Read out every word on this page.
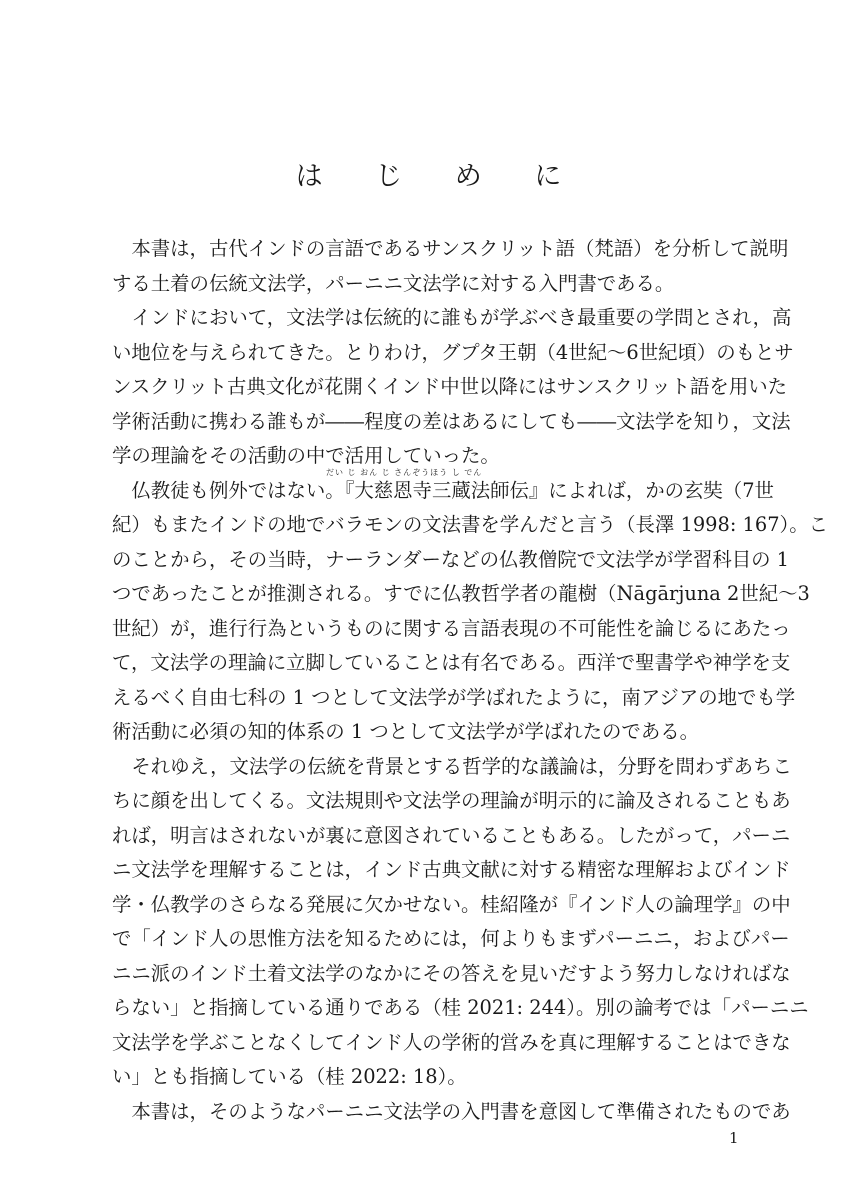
は じ め に
　本書は，古代インドの言語であるサンスクリット語（梵語）を分析して説明
する土着の伝統文法学，パーニニ文法学に対する入門書である。
　インドにおいて，文法学は伝統的に誰もが学ぶべき最重要の学問とされ，高
い地位を与えられてきた。とりわけ，グプタ王朝（4世紀～6世紀頃）のもとサ
ンスクリット古典文化が花開くインド中世以降にはサンスクリット語を用いた
学術活動に携わる誰もが――程度の差はあるにしても――文法学を知り，文法
学の理論をその活動の中で活用していった。
だい じ おん じ さんぞうほう し でん
　仏教徒も例外ではない。『大慈恩寺三蔵法師伝』によれば，かの玄奘（7世
紀）もまたインドの地でバラモンの文法書を学んだと言う（長澤 1998: 167）。こ
のことから，その当時，ナーランダーなどの仏教僧院で文法学が学習科目の 1
つであったことが推測される。すでに仏教哲学者の龍樹（Nāgārjuna 2世紀～3
世紀）が，進行行為というものに関する言語表現の不可能性を論じるにあたっ
て，文法学の理論に立脚していることは有名である。西洋で聖書学や神学を支
えるべく自由七科の 1 つとして文法学が学ばれたように，南アジアの地でも学
術活動に必須の知的体系の 1 つとして文法学が学ばれたのである。
　それゆえ，文法学の伝統を背景とする哲学的な議論は，分野を問わずあちこ
ちに顔を出してくる。文法規則や文法学の理論が明示的に論及されることもあ
れば，明言はされないが裏に意図されていることもある。したがって，パーニ
ニ文法学を理解することは，インド古典文献に対する精密な理解およびインド
学・仏教学のさらなる発展に欠かせない。桂紹隆が『インド人の論理学』の中
で「インド人の思惟方法を知るためには，何よりもまずパーニニ，およびパー
ニニ派のインド土着文法学のなかにその答えを見いだすよう努力しなければな
らない」と指摘している通りである（桂 2021: 244）。別の論考では「パーニニ
文法学を学ぶことなくしてインド人の学術的営みを真に理解することはできな
い」とも指摘している（桂 2022: 18）。
　本書は，そのようなパーニニ文法学の入門書を意図して準備されたものであ
1
